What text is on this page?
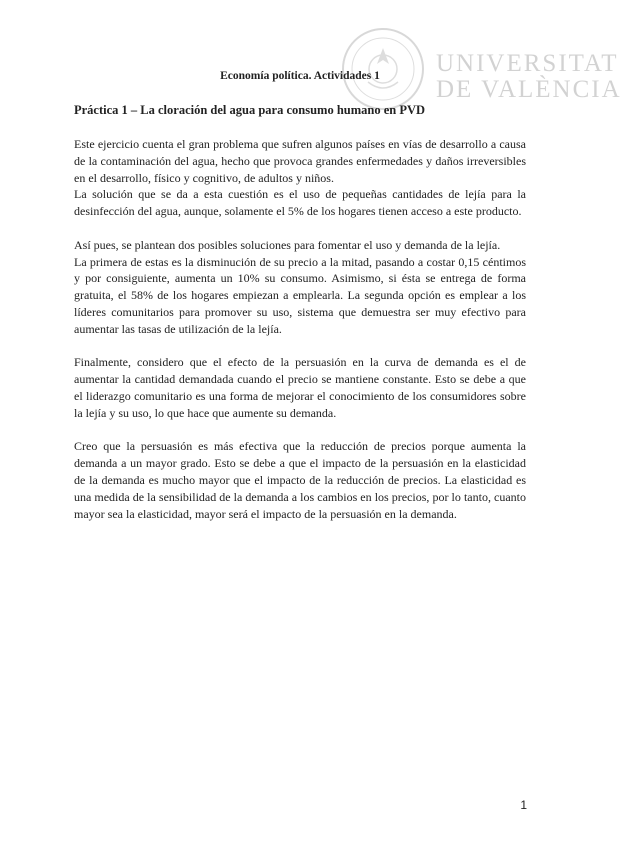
UNIVERSITAT
DE VALÈNCIA
Economía política. Actividades 1
Práctica 1 – La cloración del agua para consumo humano en PVD

Este ejercicio cuenta el gran problema que sufren algunos países en vías de desarrollo a causa de la contaminación del agua, hecho que provoca grandes enfermedades y daños irreversibles en el desarrollo, físico y cognitivo, de adultos y niños.

La solución que se da a esta cuestión es el uso de pequeñas cantidades de lejía para la desinfección del agua, aunque, solamente el 5% de los hogares tienen acceso a este producto.

Así pues, se plantean dos posibles soluciones para fomentar el uso y demanda de la lejía.

La primera de estas es la disminución de su precio a la mitad, pasando a costar 0,15 céntimos y por consiguiente, aumenta un 10% su consumo. Asimismo, si ésta se entrega de forma gratuita, el 58% de los hogares empiezan a emplearla. La segunda opción es emplear a los líderes comunitarios para promover su uso, sistema que demuestra ser muy efectivo para aumentar las tasas de utilización de la lejía.

Finalmente, considero que el efecto de la persuasión en la curva de demanda es el de aumentar la cantidad demandada cuando el precio se mantiene constante. Esto se debe a que el liderazgo comunitario es una forma de mejorar el conocimiento de los consumidores sobre la lejía y su uso, lo que hace que aumente su demanda.

Creo que la persuasión es más efectiva que la reducción de precios porque aumenta la demanda a un mayor grado. Esto se debe a que el impacto de la persuasión en la elasticidad de la demanda es mucho mayor que el impacto de la reducción de precios. La elasticidad es una medida de la sensibilidad de la demanda a los cambios en los precios, por lo tanto, cuanto mayor sea la elasticidad, mayor será el impacto de la persuasión en la demanda.

1
